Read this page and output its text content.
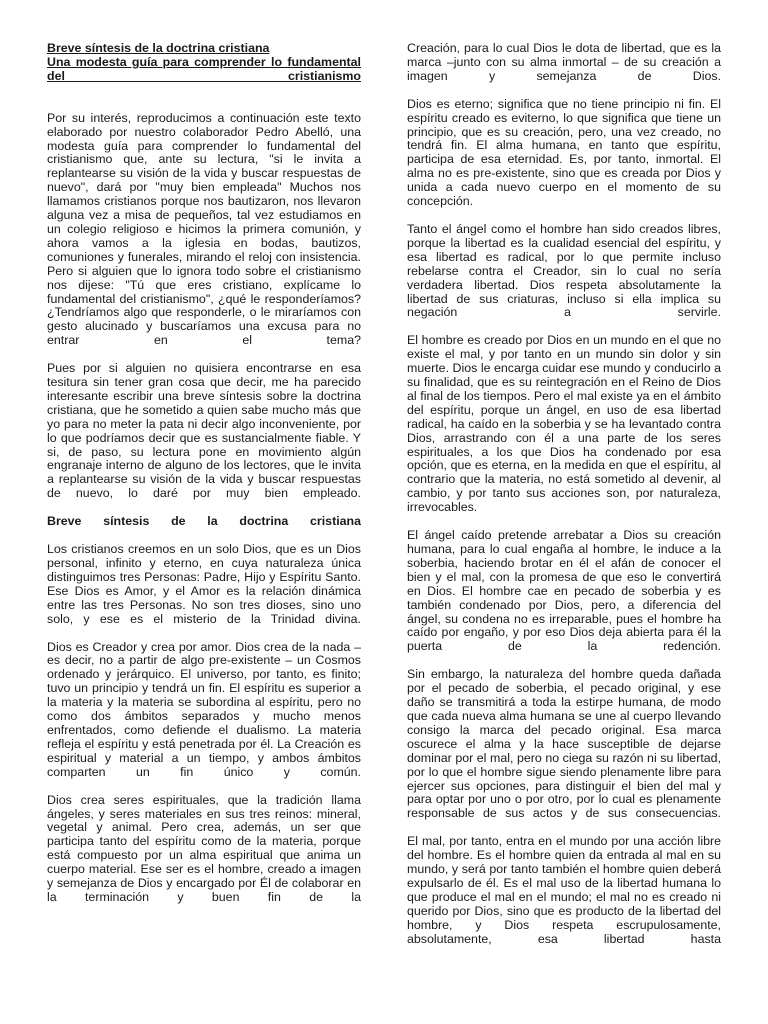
Breve síntesis de la doctrina cristiana
Una modesta guía para comprender lo fundamental del cristianismo

Por su interés, reproducimos a continuación este texto elaborado por nuestro colaborador Pedro Abelló, una modesta guía para comprender lo fundamental del cristianismo que, ante su lectura, "si le invita a replantearse su visión de la vida y buscar respuestas de nuevo", dará por "muy bien empleada" Muchos nos llamamos cristianos porque nos bautizaron, nos llevaron alguna vez a misa de pequeños, tal vez estudiamos en un colegio religioso e hicimos la primera comunión, y ahora vamos a la iglesia en bodas, bautizos, comuniones y funerales, mirando el reloj con insistencia. Pero si alguien que lo ignora todo sobre el cristianismo nos dijese: "Tú que eres cristiano, explícame lo fundamental del cristianismo", ¿qué le responderíamos? ¿Tendríamos algo que responderle, o le miraríamos con gesto alucinado y buscaríamos una excusa para no entrar en el tema?

Pues por si alguien no quisiera encontrarse en esa tesitura sin tener gran cosa que decir, me ha parecido interesante escribir una breve síntesis sobre la doctrina cristiana, que he sometido a quien sabe mucho más que yo para no meter la pata ni decir algo inconveniente, por lo que podríamos decir que es sustancialmente fiable. Y si, de paso, su lectura pone en movimiento algún engranaje interno de alguno de los lectores, que le invita a replantearse su visión de la vida y buscar respuestas de nuevo, lo daré por muy bien empleado.

Breve síntesis de la doctrina cristiana

Los cristianos creemos en un solo Dios, que es un Dios personal, infinito y eterno, en cuya naturaleza única distinguimos tres Personas: Padre, Hijo y Espíritu Santo. Ese Dios es Amor, y el Amor es la relación dinámica entre las tres Personas. No son tres dioses, sino uno solo, y ese es el misterio de la Trinidad divina.

Dios es Creador y crea por amor. Dios crea de la nada – es decir, no a partir de algo pre-existente – un Cosmos ordenado y jerárquico. El universo, por tanto, es finito; tuvo un principio y tendrá un fin. El espíritu es superior a la materia y la materia se subordina al espíritu, pero no como dos ámbitos separados y mucho menos enfrentados, como defiende el dualismo. La materia refleja el espíritu y está penetrada por él. La Creación es espiritual y material a un tiempo, y ambos ámbitos comparten un fin único y común.

Dios crea seres espirituales, que la tradición llama ángeles, y seres materiales en sus tres reinos: mineral, vegetal y animal. Pero crea, además, un ser que participa tanto del espíritu como de la materia, porque está compuesto por un alma espiritual que anima un cuerpo material. Ese ser es el hombre, creado a imagen y semejanza de Dios y encargado por Él de colaborar en la terminación y buen fin de la

Creación, para lo cual Dios le dota de libertad, que es la marca –junto con su alma inmortal – de su creación a imagen y semejanza de Dios.

Dios es eterno; significa que no tiene principio ni fin. El espíritu creado es eviterno, lo que significa que tiene un principio, que es su creación, pero, una vez creado, no tendrá fin. El alma humana, en tanto que espíritu, participa de esa eternidad. Es, por tanto, inmortal. El alma no es pre-existente, sino que es creada por Dios y unida a cada nuevo cuerpo en el momento de su concepción.

Tanto el ángel como el hombre han sido creados libres, porque la libertad es la cualidad esencial del espíritu, y esa libertad es radical, por lo que permite incluso rebelarse contra el Creador, sin lo cual no sería verdadera libertad. Dios respeta absolutamente la libertad de sus criaturas, incluso si ella implica su negación a servirle.

El hombre es creado por Dios en un mundo en el que no existe el mal, y por tanto en un mundo sin dolor y sin muerte. Dios le encarga cuidar ese mundo y conducirlo a su finalidad, que es su reintegración en el Reino de Dios al final de los tiempos. Pero el mal existe ya en el ámbito del espíritu, porque un ángel, en uso de esa libertad radical, ha caído en la soberbia y se ha levantado contra Dios, arrastrando con él a una parte de los seres espirituales, a los que Dios ha condenado por esa opción, que es eterna, en la medida en que el espíritu, al contrario que la materia, no está sometido al devenir, al cambio, y por tanto sus acciones son, por naturaleza, irrevocables.

El ángel caído pretende arrebatar a Dios su creación humana, para lo cual engaña al hombre, le induce a la soberbia, haciendo brotar en él el afán de conocer el bien y el mal, con la promesa de que eso le convertirá en Dios. El hombre cae en pecado de soberbia y es también condenado por Dios, pero, a diferencia del ángel, su condena no es irreparable, pues el hombre ha caído por engaño, y por eso Dios deja abierta para él la puerta de la redención.

Sin embargo, la naturaleza del hombre queda dañada por el pecado de soberbia, el pecado original, y ese daño se transmitirá a toda la estirpe humana, de modo que cada nueva alma humana se une al cuerpo llevando consigo la marca del pecado original. Esa marca oscurece el alma y la hace susceptible de dejarse dominar por el mal, pero no ciega su razón ni su libertad, por lo que el hombre sigue siendo plenamente libre para ejercer sus opciones, para distinguir el bien del mal y para optar por uno o por otro, por lo cual es plenamente responsable de sus actos y de sus consecuencias.

El mal, por tanto, entra en el mundo por una acción libre del hombre. Es el hombre quien da entrada al mal en su mundo, y será por tanto también el hombre quien deberá expulsarlo de él. Es el mal uso de la libertad humana lo que produce el mal en el mundo; el mal no es creado ni querido por Dios, sino que es producto de la libertad del hombre, y Dios respeta escrupulosamente, absolutamente, esa libertad hasta
